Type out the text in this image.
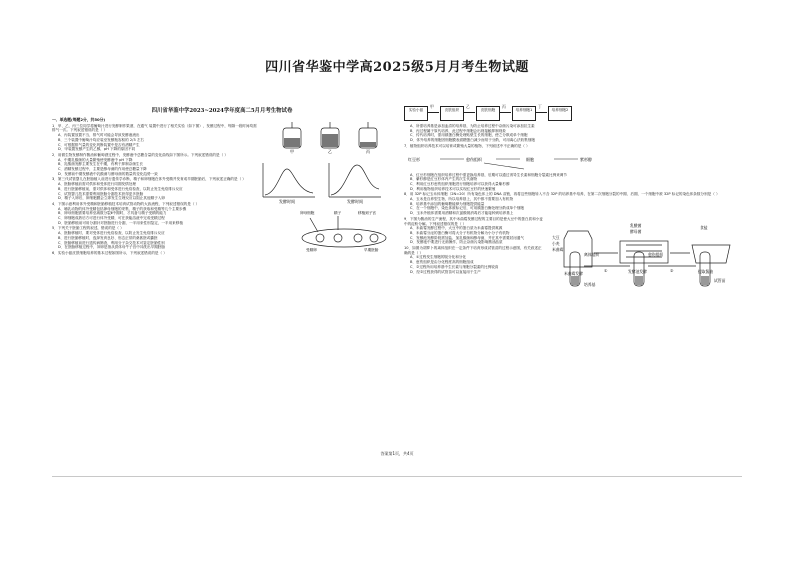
四川省华鉴中学高2025级5月月考生物试题
四川省华鉴中学2023~2024学年度高二5月月考生物试卷
一、单选题(每题2分，共50分)
1．甲、乙、丙三位同学将葡萄汁进行发酵制作果酒，在通气 装置中进行了相关实验（如下图），发酵过程中，每隔一段时间均需排气一次。下列叙述错误的是（ ）
甲	乙	丙
A．丙装置放置不当，排气时可能会导致发酵液流出
B．三个装置中葡萄汁均应装至发酵瓶容积的 2/3 左右
C．可根据排气量的变化判断装置中是否有酒精产生
D．甲装置发酵产生的乙醇，pH 下降的原因不同
2．用微生物发酵制作酱油和葡萄酒过程中，发酵液中总糖含量的变化曲线如下图所示。下列叙述错误的是（ ）
发酵时间	发酵时间
A．中期乳酸菌的大量繁殖使发酵液中 pH 下降
B．乳酸菌发酵主要发生在中期，有利于抑制杂菌生长
C．酒精发酵过程中，主要是酵母菌的作用使总糖量下降
D．发酵前中期发酵液中乳酸菌与酵母菌的数量的变化趋势一致
3．第三代试管婴儿在胚胎植入前进行遗传学诊断，精子和卵细胞在体外受精并发育成早期胚胎后，下列叙述正确的是（ ）
A．胚胎移植前需对供体和受体进行同期发情处理
B．进行胚胎移植前，需对供体和受体进行免疫检查，以防止发生免疫排斥反应
C．试管婴儿技术需要利用胚胎分割技术获得更多胚胎
D．精子入卵后，卵细胞膜会立即发生生理反应以阻止其他精子入卵
4．下图示意利用体外受精和胚胎移植技术培育试管动物的大致流程，下列叙述错误的是（ ）
卵母细胞	精子	移植到子宫
受精卵	早期胚胎
A．哺乳动物的体外受精包括卵母细胞的采集、精子的获取和受精等几个主要步骤
B．卵母细胞需要培养至减数分裂Ⅱ中期时，才具备与精子受精的能力
C．卵细胞成熟后方可进行体外受精，可在获能溶液中完成受精过程
D．胚胎移植前可用分割针对胚胎进行分割，一半用来性别鉴定，一半用来移植
5．下列关于胚胎工程的叙述，错误的是（ ）
A．胚胎移植时，要对受体进行免疫检查，以防止发生免疫排斥反应
B．进行胚胎移植时，选择发育良好、形态正常的桑葚胚或囊胚
C．胚胎移植前进行遗传病筛查，利用分子杂交技术可鉴定胚胎性别
D．在胚胎移植过程中，冲卵是指从供体母牛子宫中冲洗出早期胚胎
6．实验小鼠皮肤细胞培养的基本过程如图所示，下列叙述错误的是（ ）
实验小鼠
甲
皮肤组织
乙
皮肤细胞
丙
培养细胞1
丁
培养细胞2
A．所需培养基是添加血清的培养基，为防止培养过程中杂菌污染可添加抗生素
B．丙过程属于原代培养，此过程中细胞会出现接触抑制现象
C．传代培养时，需用胰蛋白酶处理贴壁生长的细胞，使之分散成单个细胞
D．体外培养的细胞因细胞膜表面糖蛋白减少而易于分散，可用离心法收集细胞
7．植物组织培养技术可以培育或繁殖大量的植物，下列叙述中不正确的是（ ）
红豆杉	愈伤组织	细胞	紫杉醇
A．红豆杉细胞在组织培养过程中需更换培养基，后期可以通过诱导生长素和细胞分裂素比例来调节
B．紫杉醇是红豆杉体内产生的次生代谢物
C．利用红豆杉愈伤组织细胞进行细胞培养可以获得大量紫杉醇
D．利用植物组织培养技术可以实现红豆杉的快速繁殖
8．用 32P 标记玉米体细胞（2N=20）所有染色体上的 DNA 双链，再将这些细胞转入不含 32P 的培养基中培养，在第二次细胞分裂的中期、后期，一个细胞中被 32P 标记的染色体条数分别是（ ）
A．玉米是自养型生物，所以培养基上，其中都不需要加入有机物
B．培养基中添加的葡萄糖能够为细胞提供能量
C．在一个细胞中，染色体被标记后，可用胰蛋白酶处理分散成单个细胞
D．玉米外植体需要用酒精和次氯酸钠消毒后才能接种到培养基上
9．下图为酱油的生产流程，其中米曲霉发酵过程的主要目的是使大豆中的蛋白质和小麦中的淀粉分解。下列叙述错误的是（ ）
大豆
小麦
米曲霉
米曲霉发酵
乳酸菌
酵母菌
发酵池发酵
食盐
提取酱油
A．米曲霉发酵过程中，大豆中的蛋白质为米曲霉提供氮源
B．米曲霉分泌的蛋白酶可将大分子有机物分解为小分子有机物
C．发酵池发酵阶段需加盐、加乳酸菌和酵母菌，并在其中需要封闭通气
D．发酵池中要进行无菌操作，防止杂菌污染影响酱油品质
10．如图为胡萝卜的离体组织在一定条件下培育形成试管苗的过程示意图，有关叙述正确的是（ ）	离体组织
①
愈伤组织
②
培养基
试管苗
A．①过程发生细胞的脱分化和分化
B．愈伤组织是由分化程度高的细胞组成
C．②过程所用培养基中生长素与细胞分裂素的比例较高
D．经②过程获得的试管苗可以直接用于生产
答案第1页，共4页
